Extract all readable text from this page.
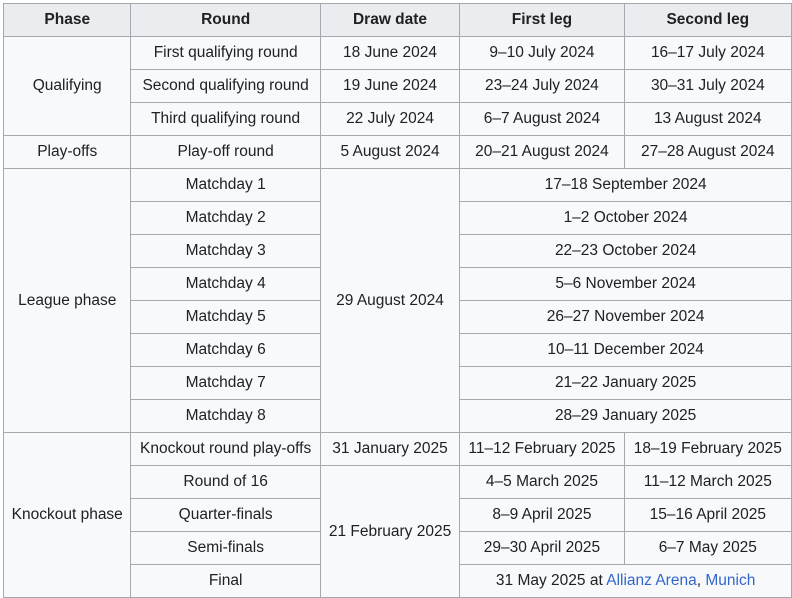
Phase	Round	Draw date	First leg	Second leg
Qualifying	First qualifying round	18 June 2024	9–10 July 2024	16–17 July 2024
	Second qualifying round	19 June 2024	23–24 July 2024	30–31 July 2024
	Third qualifying round	22 July 2024	6–7 August 2024	13 August 2024
Play-offs	Play-off round	5 August 2024	20–21 August 2024	27–28 August 2024
League phase	Matchday 1	29 August 2024	17–18 September 2024	
	Matchday 2		1–2 October 2024	
	Matchday 3		22–23 October 2024	
	Matchday 4		5–6 November 2024	
	Matchday 5		26–27 November 2024	
	Matchday 6		10–11 December 2024	
	Matchday 7		21–22 January 2025	
	Matchday 8		28–29 January 2025	
Knockout phase	Knockout round play-offs	31 January 2025	11–12 February 2025	18–19 February 2025
	Round of 16	21 February 2025	4–5 March 2025	11–12 March 2025
	Quarter-finals		8–9 April 2025	15–16 April 2025
	Semi-finals		29–30 April 2025	6–7 May 2025
	Final		31 May 2025 at Allianz Arena, Munich	
